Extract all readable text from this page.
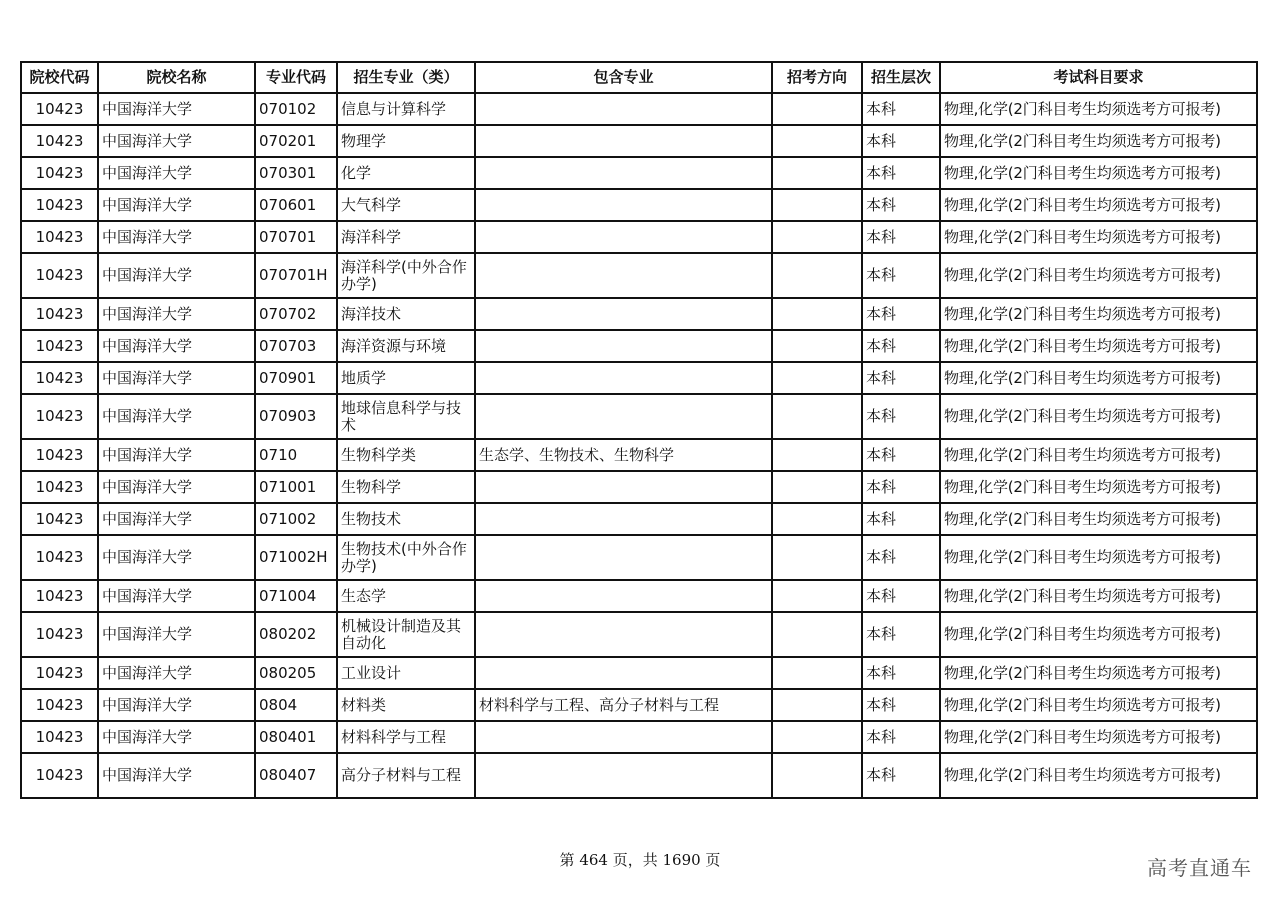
院校代码	院校名称	专业代码	招生专业（类）	包含专业	招考方向	招生层次	考试科目要求
10423	中国海洋大学	070102	信息与计算科学			本科	物理,化学(2门科目考生均须选考方可报考)
10423	中国海洋大学	070201	物理学			本科	物理,化学(2门科目考生均须选考方可报考)
10423	中国海洋大学	070301	化学			本科	物理,化学(2门科目考生均须选考方可报考)
10423	中国海洋大学	070601	大气科学			本科	物理,化学(2门科目考生均须选考方可报考)
10423	中国海洋大学	070701	海洋科学			本科	物理,化学(2门科目考生均须选考方可报考)
10423	中国海洋大学	070701H	海洋科学(中外合作办学)			本科	物理,化学(2门科目考生均须选考方可报考)
10423	中国海洋大学	070702	海洋技术			本科	物理,化学(2门科目考生均须选考方可报考)
10423	中国海洋大学	070703	海洋资源与环境			本科	物理,化学(2门科目考生均须选考方可报考)
10423	中国海洋大学	070901	地质学			本科	物理,化学(2门科目考生均须选考方可报考)
10423	中国海洋大学	070903	地球信息科学与技术			本科	物理,化学(2门科目考生均须选考方可报考)
10423	中国海洋大学	0710	生物科学类	生态学、生物技术、生物科学		本科	物理,化学(2门科目考生均须选考方可报考)
10423	中国海洋大学	071001	生物科学			本科	物理,化学(2门科目考生均须选考方可报考)
10423	中国海洋大学	071002	生物技术			本科	物理,化学(2门科目考生均须选考方可报考)
10423	中国海洋大学	071002H	生物技术(中外合作办学)			本科	物理,化学(2门科目考生均须选考方可报考)
10423	中国海洋大学	071004	生态学			本科	物理,化学(2门科目考生均须选考方可报考)
10423	中国海洋大学	080202	机械设计制造及其自动化			本科	物理,化学(2门科目考生均须选考方可报考)
10423	中国海洋大学	080205	工业设计			本科	物理,化学(2门科目考生均须选考方可报考)
10423	中国海洋大学	0804	材料类	材料科学与工程、高分子材料与工程		本科	物理,化学(2门科目考生均须选考方可报考)
10423	中国海洋大学	080401	材料科学与工程			本科	物理,化学(2门科目考生均须选考方可报考)
10423	中国海洋大学	080407	高分子材料与工程			本科	物理,化学(2门科目考生均须选考方可报考)
第 464 页，共 1690 页	高考直通车
